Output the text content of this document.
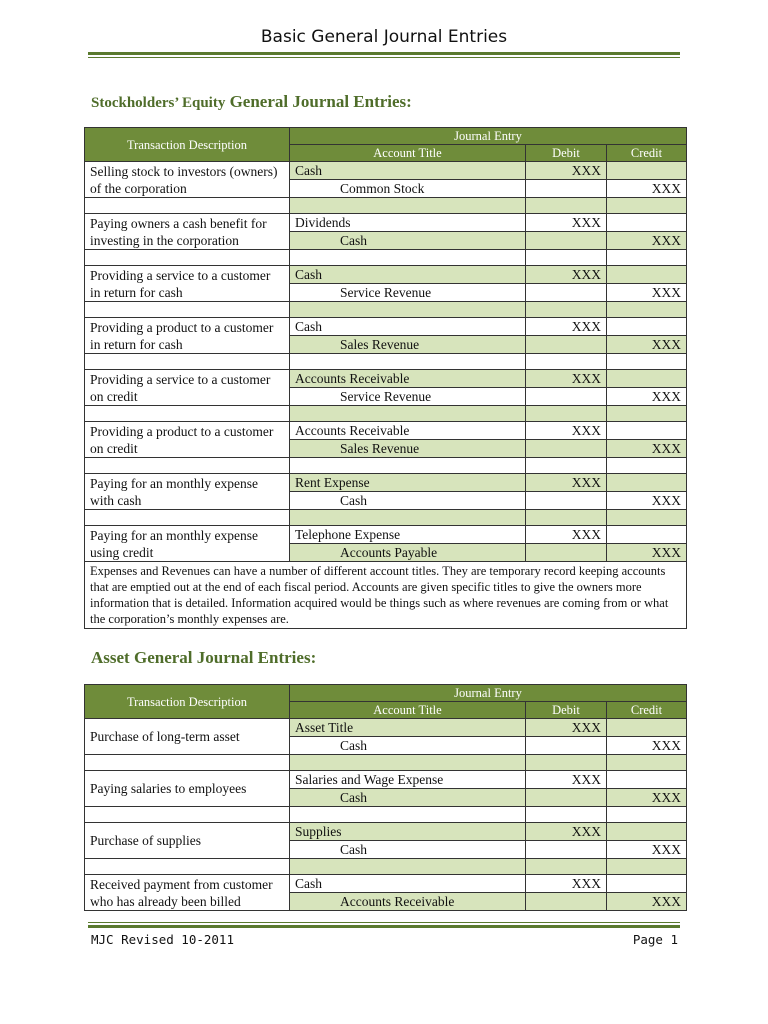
Basic General Journal Entries
Stockholders’ Equity General Journal Entries:
Transaction Description	Journal Entry		
	Account Title	Debit	Credit
Selling stock to investors (owners) of the corporation	Cash	XXX	
	Common Stock		XXX

Paying owners a cash benefit for investing in the corporation	Dividends	XXX	
	Cash		XXX

Providing a service to a customer in return for cash	Cash	XXX	
	Service Revenue		XXX

Providing a product to a customer in return for cash	Cash	XXX	
	Sales Revenue		XXX

Providing a service to a customer on credit	Accounts Receivable	XXX	
	Service Revenue		XXX

Providing a product to a customer on credit	Accounts Receivable	XXX	
	Sales Revenue		XXX

Paying for an monthly expense with cash	Rent Expense	XXX	
	Cash		XXX

Paying for an monthly expense using credit	Telephone Expense	XXX	
	Accounts Payable		XXX
Expenses and Revenues can have a number of different account titles. They are temporary record keeping accounts that are emptied out at the end of each fiscal period. Accounts are given specific titles to give the owners more information that is detailed. Information acquired would be things such as where revenues are coming from or what the corporation’s monthly expenses are.			
Asset General Journal Entries:
Transaction Description	Journal Entry		
	Account Title	Debit	Credit
Purchase of long-term asset	Asset Title	XXX	
	Cash		XXX

Paying salaries to employees	Salaries and Wage Expense	XXX	
	Cash		XXX

Purchase of supplies	Supplies	XXX	
	Cash		XXX

Received payment from customer who has already been billed	Cash	XXX	
	Accounts Receivable		XXX
MJC Revised 10-2011	Page 1
